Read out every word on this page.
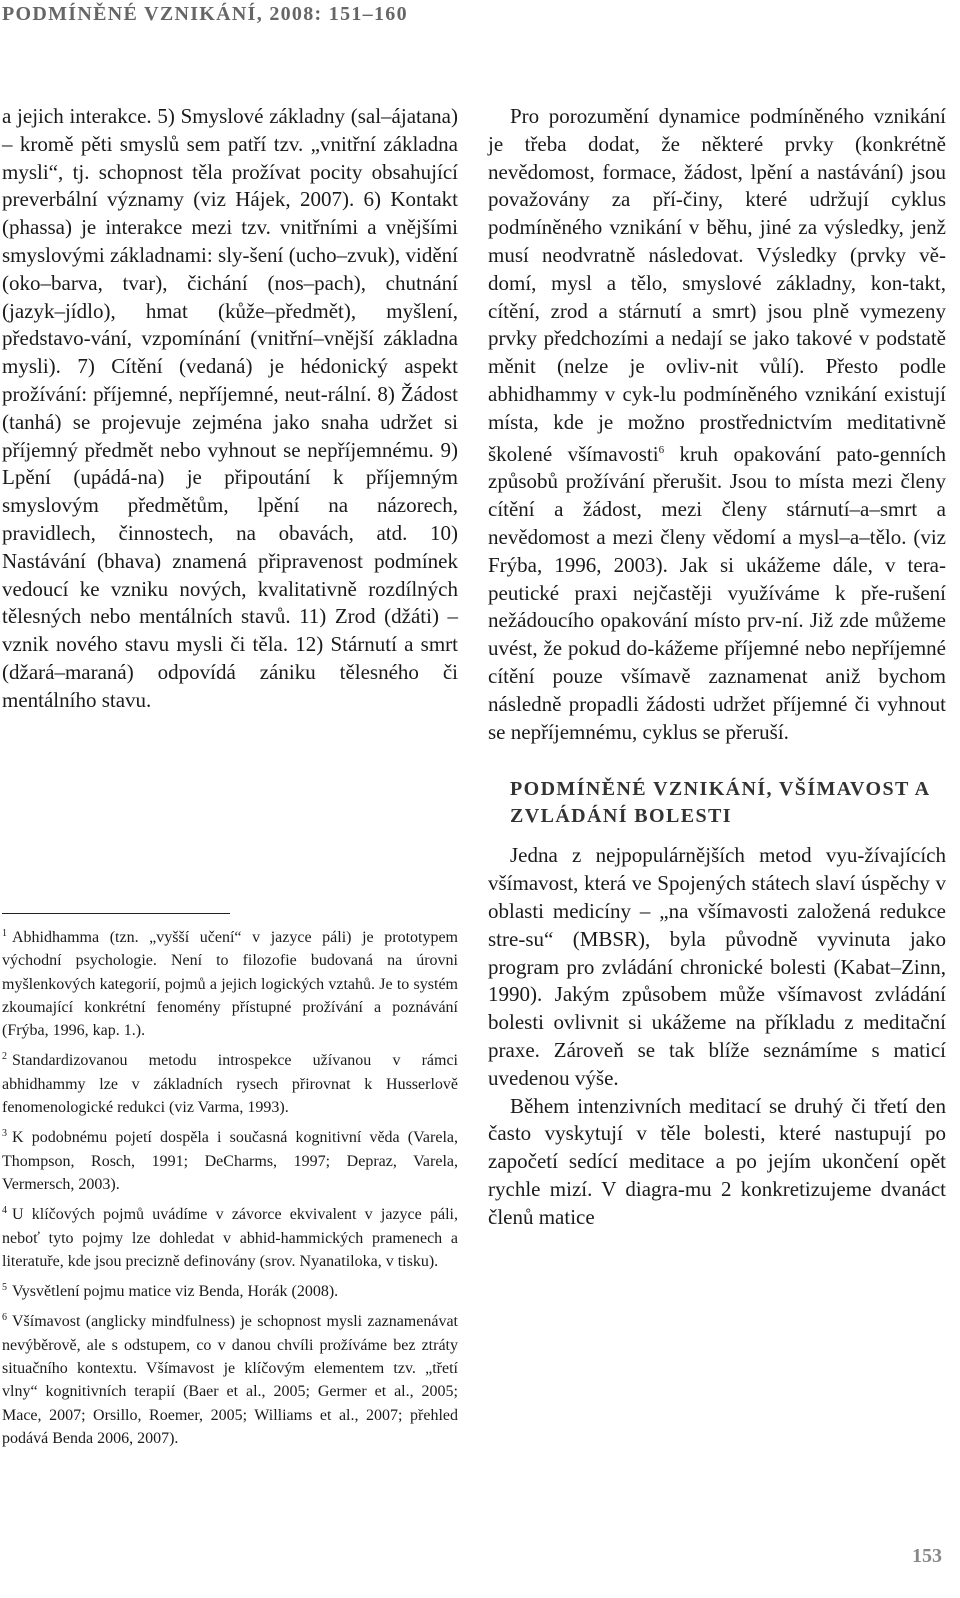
PODMÍNĚNÉ VZNIKÁNÍ, 2008: 151–160

a jejich interakce. 5) Smyslové základny (sal–ájatana) – kromě pěti smyslů sem patří tzv. „vnitřní základna mysli“, tj. schopnost těla prožívat pocity obsahující preverbální významy (viz Hájek, 2007). 6) Kontakt (phassa) je interakce mezi tzv. vnitřními a vnějšími smyslovými základnami: sly-šení (ucho–zvuk), vidění (oko–barva, tvar), čichání (nos–pach), chutnání (jazyk–jídlo), hmat (kůže–předmět), myšlení, představo-vání, vzpomínání (vnitřní–vnější základna mysli). 7) Cítění (vedaná) je hédonický aspekt prožívání: příjemné, nepříjemné, neut-rální. 8) Žádost (tanhá) se projevuje zejména jako snaha udržet si příjemný předmět nebo vyhnout se nepříjemnému. 9) Lpění (upádá-na) je připoutání k příjemným smyslovým předmětům, lpění na názorech, pravidlech, činnostech, na obavách, atd. 10) Nastávání (bhava) znamená připravenost podmínek vedoucí ke vzniku nových, kvalitativně rozdílných tělesných nebo mentálních stavů. 11) Zrod (džáti) – vznik nového stavu mysli či těla. 12) Stárnutí a smrt (džará–maraná) odpovídá zániku tělesného či mentálního stavu.

$^1$ Abhidhamma (tzn. „vyšší učení“ v jazyce páli) je prototypem východní psychologie. Není to filozofie budovaná na úrovni myšlenkových kategorií, pojmů a jejich logických vztahů. Je to systém zkoumající konkrétní fenomény přístupné prožívání a poznávání (Frýba, 1996, kap. 1.).

$^2$ Standardizovanou metodu introspekce užívanou v rámci abhidhammy lze v základních rysech přirovnat k Husserlově fenomenologické redukci (viz Varma, 1993).

$^3$ K podobnému pojetí dospěla i současná kognitivní věda (Varela, Thompson, Rosch, 1991; DeCharms, 1997; Depraz, Varela, Vermersch, 2003).

$^4$ U klíčových pojmů uvádíme v závorce ekvivalent v jazyce páli, neboť tyto pojmy lze dohledat v abhid-hammických pramenech a literatuře, kde jsou precizně definovány (srov. Nyanatiloka, v tisku).

$^5$ Vysvětlení pojmu matice viz Benda, Horák (2008).

$^6$ Všímavost (anglicky mindfulness) je schopnost mysli zaznamenávat nevýběrově, ale s odstupem, co v danou chvíli prožíváme bez ztráty situačního kontextu. Všímavost je klíčovým elementem tzv. „třetí vlny“ kognitivních terapií (Baer et al., 2005; Germer et al., 2005; Mace, 2007; Orsillo, Roemer, 2005; Williams et al., 2007; přehled podává Benda 2006, 2007).

Pro porozumění dynamice podmíněného vznikání je třeba dodat, že některé prvky (konkrétně nevědomost, formace, žádost, lpění a nastávání) jsou považovány za pří-činy, které udržují cyklus podmíněného vznikání v běhu, jiné za výsledky, jenž musí neodvratně následovat. Výsledky (prvky vě-domí, mysl a tělo, smyslové základny, kon-takt, cítění, zrod a stárnutí a smrt) jsou plně vymezeny prvky předchozími a nedají se jako takové v podstatě měnit (nelze je ovliv-nit vůlí). Přesto podle abhidhammy v cyk-lu podmíněného vznikání existují místa, kde je možno prostřednictvím meditativně školené všímavosti$^6$ kruh opakování pato-genních způsobů prožívání přerušit. Jsou to místa mezi členy cítění a žádost, mezi členy stárnutí–a–smrt a nevědomost a mezi členy vědomí a mysl–a–tělo. (viz Frýba, 1996, 2003). Jak si ukážeme dále, v tera-peutické praxi nejčastěji využíváme k pře-rušení nežádoucího opakování místo prv-ní. Již zde můžeme uvést, že pokud do-kážeme příjemné nebo nepříjemné cítění pouze všímavě zaznamenat aniž bychom následně propadli žádosti udržet příjemné či vyhnout se nepříjemnému, cyklus se přeruší.

PODMÍNĚNÉ VZNIKÁNÍ, VŠÍMAVOST A ZVLÁDÁNÍ BOLESTI

Jedna z nejpopulárnějších metod vyu-žívajících všímavost, která ve Spojených státech slaví úspěchy v oblasti medicíny – „na všímavosti založená redukce stre-su“ (MBSR), byla původně vyvinuta jako program pro zvládání chronické bolesti (Kabat–Zinn, 1990). Jakým způsobem může všímavost zvládání bolesti ovlivnit si ukážeme na příkladu z meditační praxe. Zároveň se tak blíže seznámíme s maticí uvedenou výše.

Během intenzivních meditací se druhý či třetí den často vyskytují v těle bolesti, které nastupují po započetí sedící meditace a po jejím ukončení opět rychle mizí. V diagra-mu 2 konkretizujeme dvanáct členů matice

153
